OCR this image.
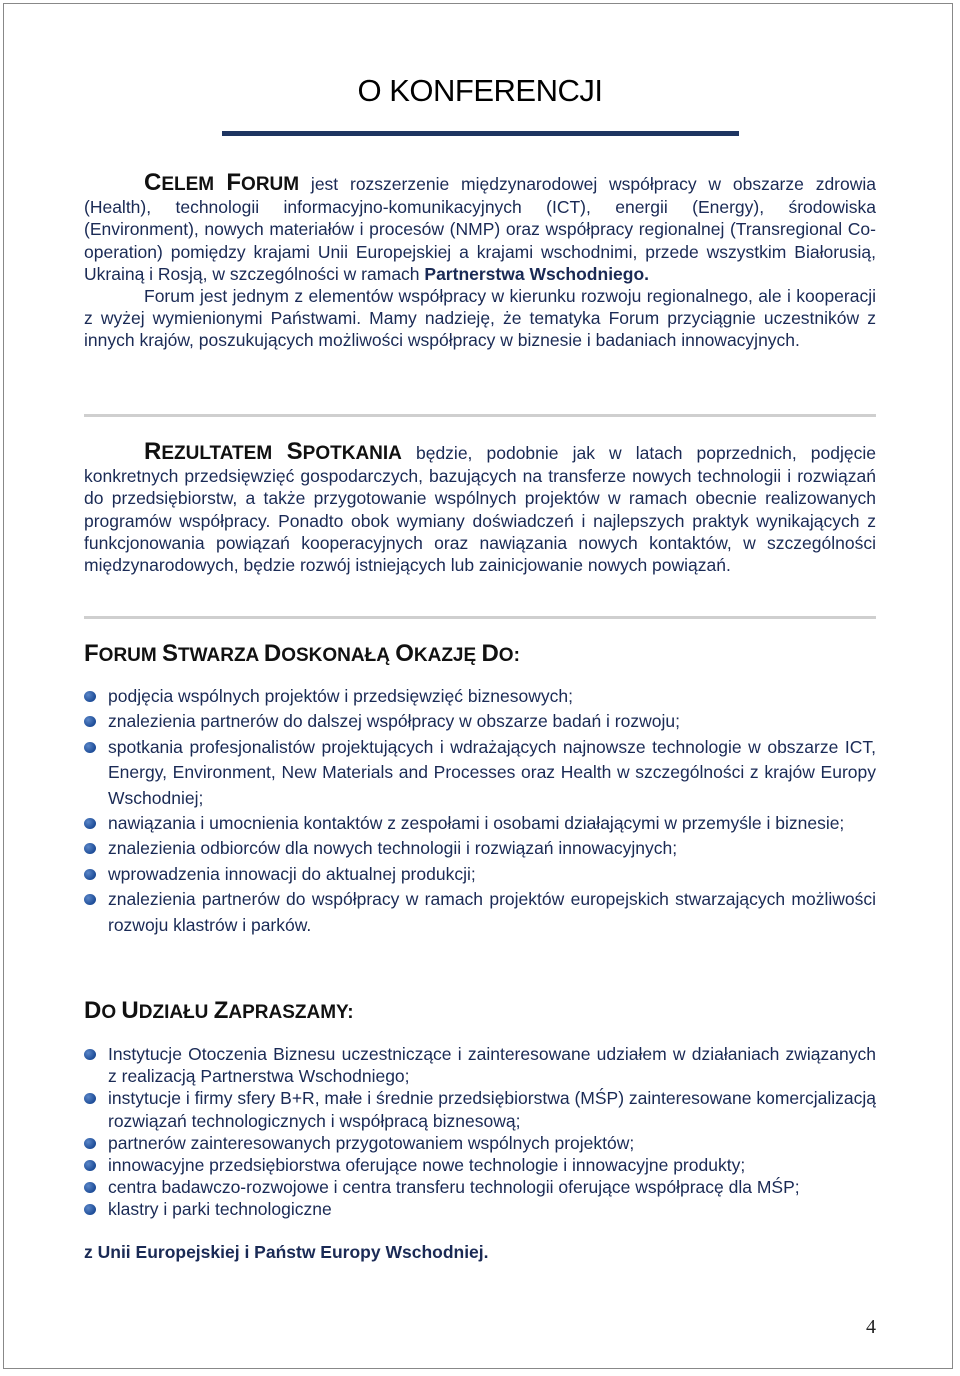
O KONFERENCJI

CELEM FORUM jest rozszerzenie międzynarodowej współpracy w obszarze zdrowia (Health), technologii informacyjno-komunikacyjnych (ICT), energii (Energy), środowiska (Environment), nowych materiałów i procesów (NMP) oraz współpracy regionalnej (Transregional Co-operation) pomiędzy krajami Unii Europejskiej a krajami wschodnimi, przede wszystkim Białorusią, Ukrainą i Rosją, w szczególności w ramach Partnerstwa Wschodniego.

Forum jest jednym z elementów współpracy w kierunku rozwoju regionalnego, ale i kooperacji z wyżej wymienionymi Państwami. Mamy nadzieję, że tematyka Forum przyciągnie uczestników z innych krajów, poszukujących możliwości współpracy w biznesie i badaniach innowacyjnych.

REZULTATEM SPOTKANIA będzie, podobnie jak w latach poprzednich, podjęcie konkretnych przedsięwzięć gospodarczych, bazujących na transferze nowych technologii i rozwiązań do przedsiębiorstw, a także przygotowanie wspólnych projektów w ramach obecnie realizowanych programów współpracy. Ponadto obok wymiany doświadczeń i najlepszych praktyk wynikających z funkcjonowania powiązań kooperacyjnych oraz nawiązania nowych kontaktów, w szczególności międzynarodowych, będzie rozwój istniejących lub zainicjowanie nowych powiązań.

FORUM STWARZA DOSKONAŁĄ OKAZJĘ DO:
podjęcia wspólnych projektów i przedsięwzięć biznesowych;
znalezienia partnerów do dalszej współpracy w obszarze badań i rozwoju;
spotkania profesjonalistów projektujących i wdrażających najnowsze technologie w obszarze ICT, Energy, Environment, New Materials and Processes oraz Health w szczególności z krajów Europy Wschodniej;
nawiązania i umocnienia kontaktów z zespołami i osobami działającymi w przemyśle i biznesie;
znalezienia odbiorców dla nowych technologii i rozwiązań innowacyjnych;
wprowadzenia innowacji do aktualnej produkcji;
znalezienia partnerów do współpracy w ramach projektów europejskich stwarzających możliwości rozwoju klastrów i parków.
DO UDZIAŁU ZAPRASZAMY:
Instytucje Otoczenia Biznesu uczestniczące i zainteresowane udziałem w działaniach związanych z realizacją Partnerstwa Wschodniego;
instytucje i firmy sfery B+R, małe i średnie przedsiębiorstwa (MŚP) zainteresowane komercjalizacją rozwiązań technologicznych i współpracą biznesową;
partnerów zainteresowanych przygotowaniem wspólnych projektów;
innowacyjne przedsiębiorstwa oferujące nowe technologie i innowacyjne produkty;
centra badawczo-rozwojowe i centra transferu technologii oferujące współpracę dla MŚP;
klastry i parki technologiczne
z Unii Europejskiej i Państw Europy Wschodniej.
4
